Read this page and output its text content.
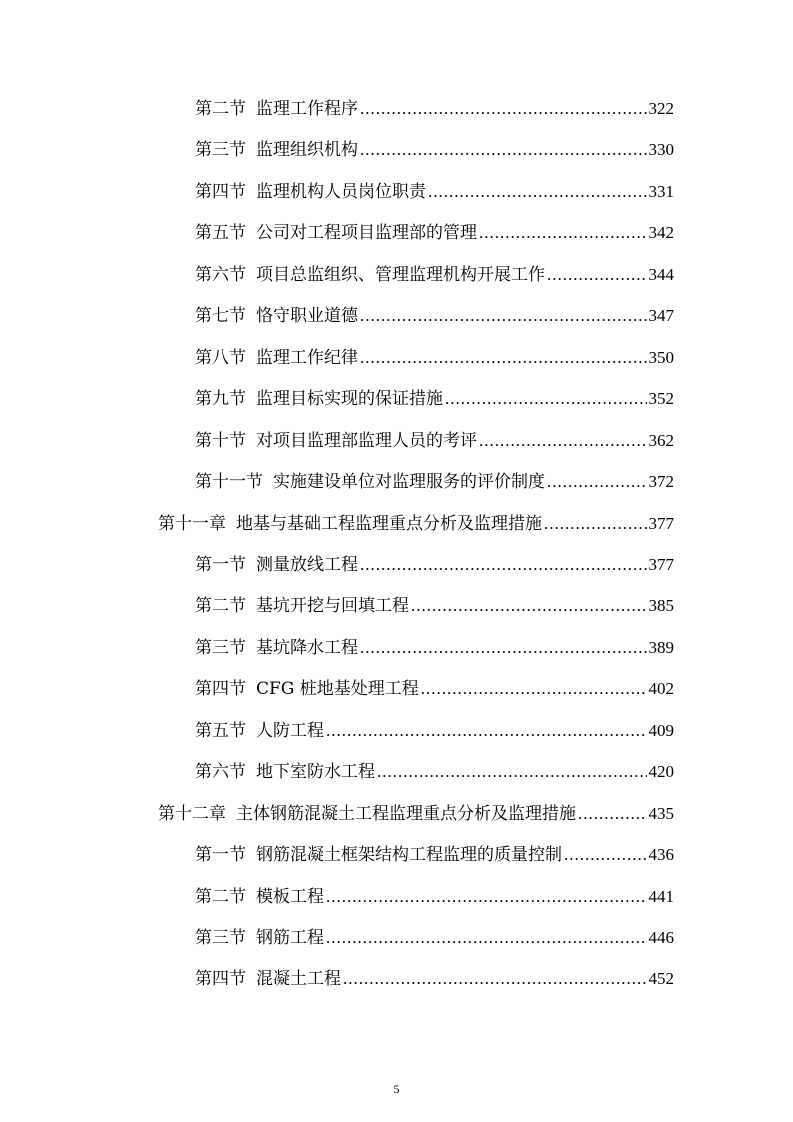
第二节 监理工作程序 .....	322
第三节 监理组织机构 .....	330
第四节 监理机构人员岗位职责 .....	331
第五节 公司对工程项目监理部的管理 .....	342
第六节 项目总监组织、管理监理机构开展工作 .....	344
第七节 恪守职业道德 .....	347
第八节 监理工作纪律 .....	350
第九节 监理目标实现的保证措施 .....	352
第十节 对项目监理部监理人员的考评 .....	362
第十一节 实施建设单位对监理服务的评价制度 .....	372
第十一章 地基与基础工程监理重点分析及监理措施 .....	377
第一节 测量放线工程 .....	377
第二节 基坑开挖与回填工程 .....	385
第三节 基坑降水工程 .....	389
第四节 CFG 桩地基处理工程 .....	402
第五节 人防工程 .....	409
第六节 地下室防水工程 .....	420
第十二章 主体钢筋混凝土工程监理重点分析及监理措施 .....	435
第一节 钢筋混凝土框架结构工程监理的质量控制 .....	436
第二节 模板工程 .....	441
第三节 钢筋工程 .....	446
第四节 混凝土工程 .....	452
5
